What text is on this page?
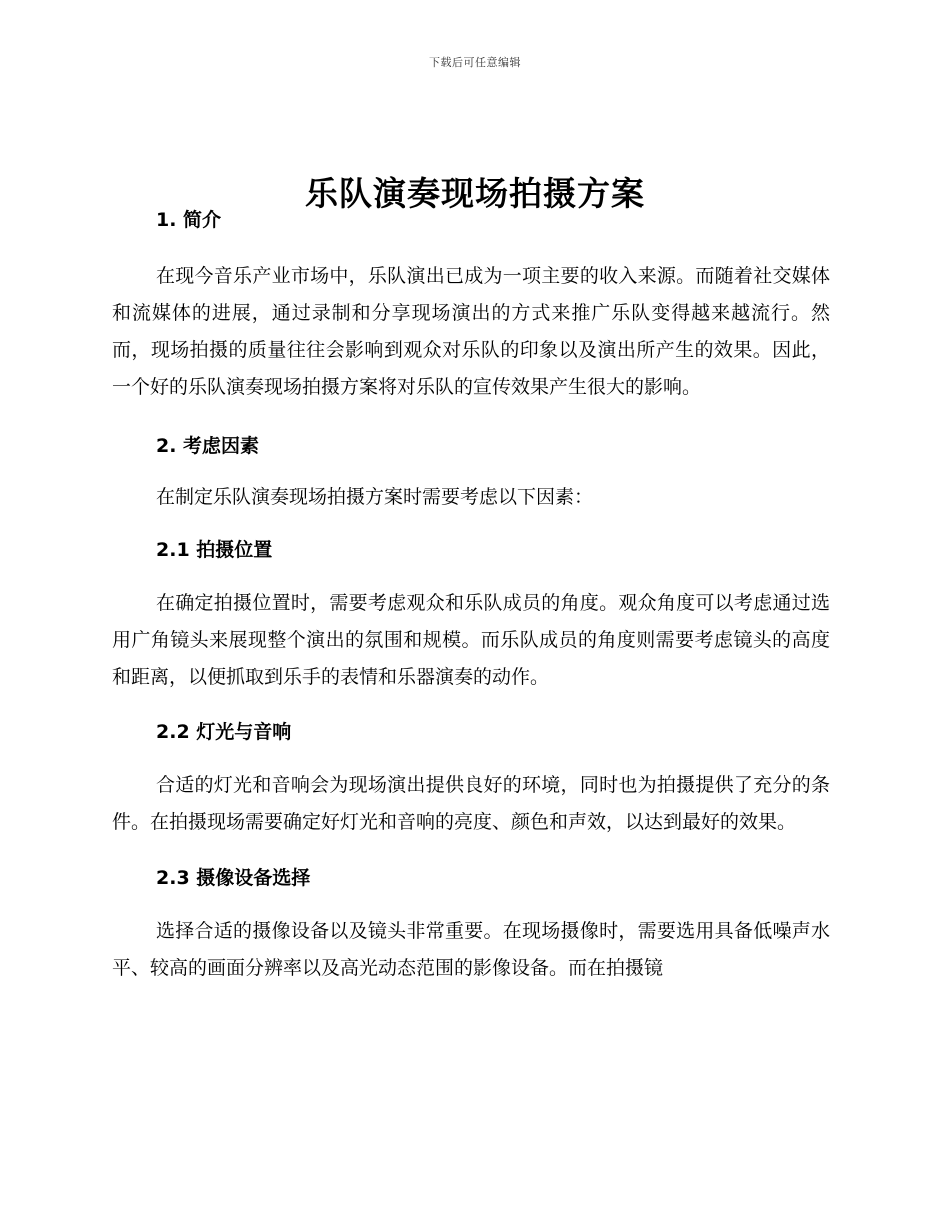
下载后可任意编辑
乐队演奏现场拍摄方案
1. 简介

在现今音乐产业市场中，乐队演出已成为一项主要的收入来源。而随着社交媒体和流媒体的进展，通过录制和分享现场演出的方式来推广乐队变得越来越流行。然而，现场拍摄的质量往往会影响到观众对乐队的印象以及演出所产生的效果。因此，一个好的乐队演奏现场拍摄方案将对乐队的宣传效果产生很大的影响。

2. 考虑因素

在制定乐队演奏现场拍摄方案时需要考虑以下因素：

2.1 拍摄位置

在确定拍摄位置时，需要考虑观众和乐队成员的角度。观众角度可以考虑通过选用广角镜头来展现整个演出的氛围和规模。而乐队成员的角度则需要考虑镜头的高度和距离，以便抓取到乐手的表情和乐器演奏的动作。

2.2 灯光与音响

合适的灯光和音响会为现场演出提供良好的环境，同时也为拍摄提供了充分的条件。在拍摄现场需要确定好灯光和音响的亮度、颜色和声效，以达到最好的效果。

2.3 摄像设备选择

选择合适的摄像设备以及镜头非常重要。在现场摄像时，需要选用具备低噪声水平、较高的画面分辨率以及高光动态范围的影像设备。而在拍摄镜
